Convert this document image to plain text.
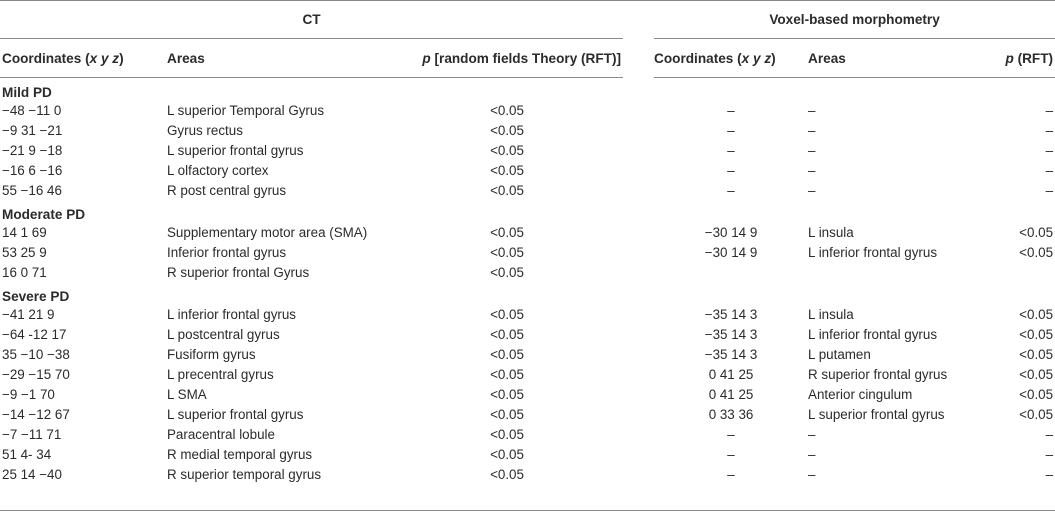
CT				Voxel-based morphometry		
Coordinates (x y z)	Areas	p [random fields Theory (RFT)]		Coordinates (x y z)	Areas	p (RFT)
Mild PD						
−48 −11 0	L superior Temporal Gyrus	<0.05		–	–	–
−9 31 −21	Gyrus rectus	<0.05		–	–	–
−21 9 −18	L superior frontal gyrus	<0.05		–	–	–
−16 6 −16	L olfactory cortex	<0.05		–	–	–
55 −16 46	R post central gyrus	<0.05		–	–	–
Moderate PD						
14 1 69	Supplementary motor area (SMA)	<0.05		−30 14 9	L insula	<0.05
53 25 9	Inferior frontal gyrus	<0.05		−30 14 9	L inferior frontal gyrus	<0.05
16 0 71	R superior frontal Gyrus	<0.05				
Severe PD						
−41 21 9	L inferior frontal gyrus	<0.05		−35 14 3	L insula	<0.05
−64 -12 17	L postcentral gyrus	<0.05		−35 14 3	L inferior frontal gyrus	<0.05
35 −10 −38	Fusiform gyrus	<0.05		−35 14 3	L putamen	<0.05
−29 −15 70	L precentral gyrus	<0.05		0 41 25	R superior frontal gyrus	<0.05
−9 −1 70	L SMA	<0.05		0 41 25	Anterior cingulum	<0.05
−14 −12 67	L superior frontal gyrus	<0.05		0 33 36	L superior frontal gyrus	<0.05
−7 −11 71	Paracentral lobule	<0.05		–	–	–
51 4- 34	R medial temporal gyrus	<0.05		–	–	–
25 14 −40	R superior temporal gyrus	<0.05		–	–	–
